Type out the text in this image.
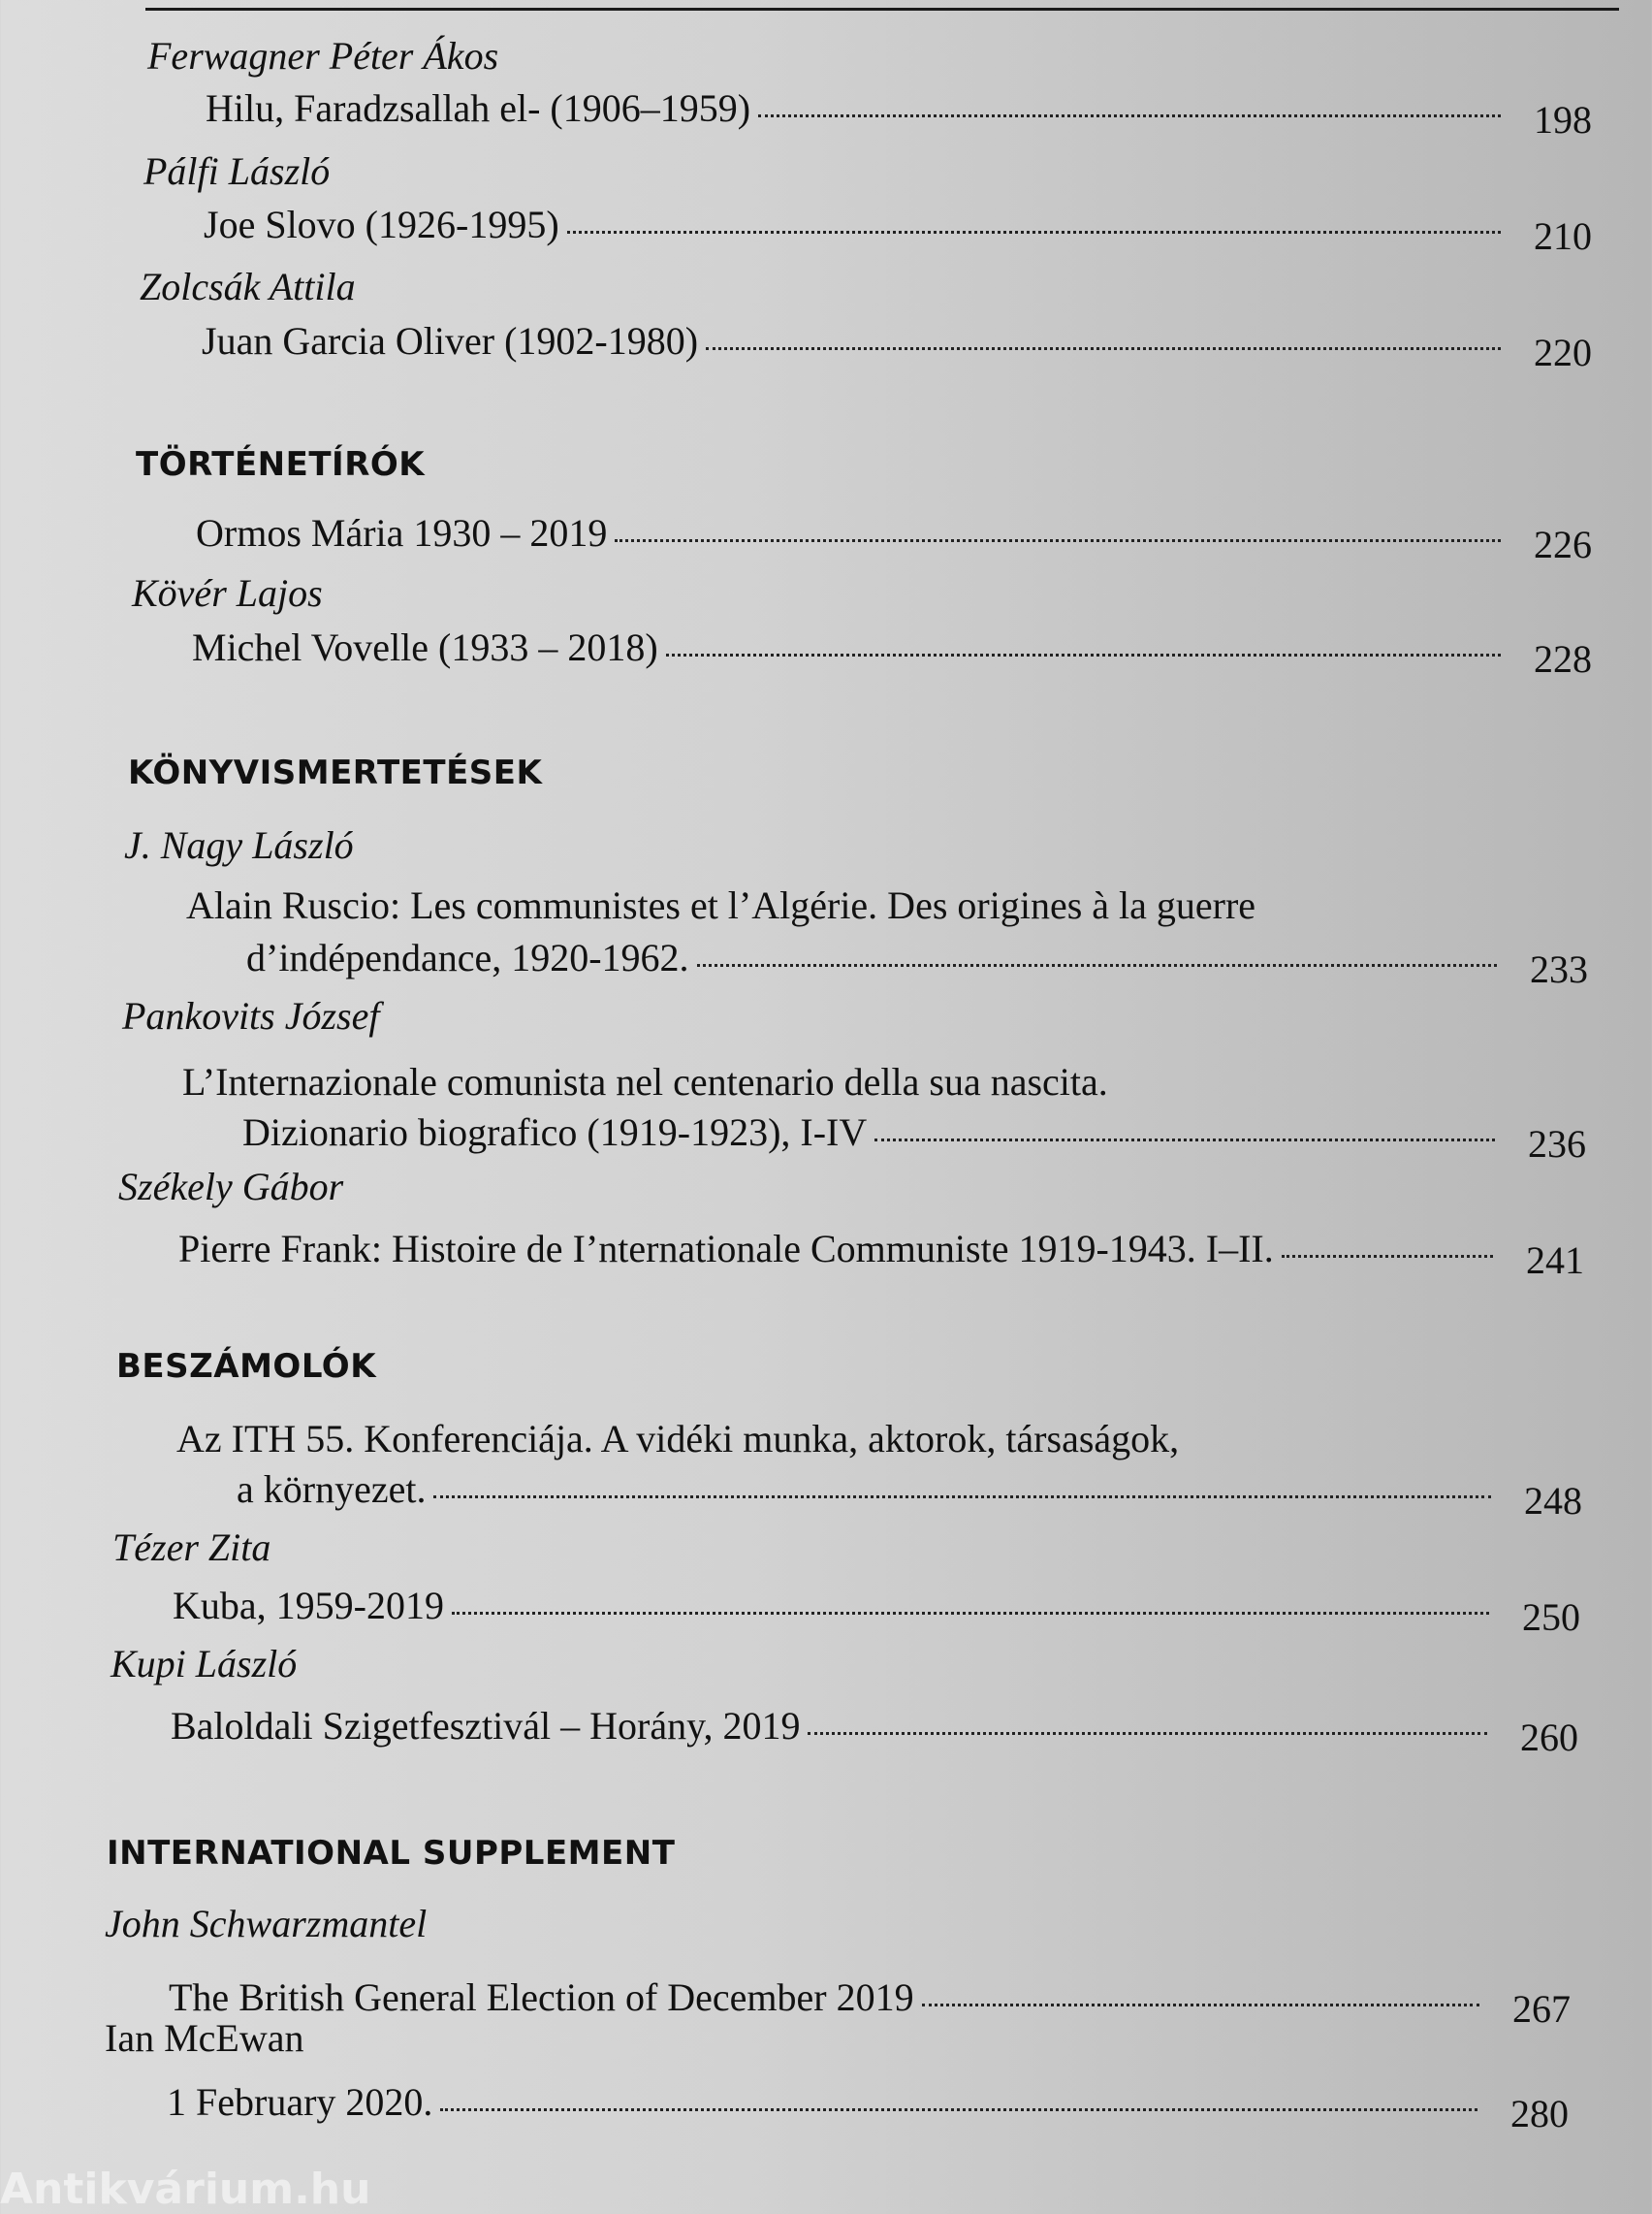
Ferwagner Péter Ákos
Hilu, Faradzsallah el- (1906–1959)	198
Pálfi László
Joe Slovo (1926-1995)	210
Zolcsák Attila
Juan Garcia Oliver (1902-1980)	220
TÖRTÉNETÍRÓK
Ormos Mária 1930 – 2019	226
Kövér Lajos
Michel Vovelle (1933 – 2018)	228
KÖNYVISMERTETÉSEK
J. Nagy László
Alain Ruscio: Les communistes et l’Algérie. Des origines à la guerre
d’indépendance, 1920-1962.	233
Pankovits József
L’Internazionale comunista nel centenario della sua nascita.
Dizionario biografico (1919-1923), I-IV	236
Székely Gábor
Pierre Frank: Histoire de I’nternationale Communiste 1919-1943. I–II.	241
BESZÁMOLÓK
Az ITH 55. Konferenciája. A vidéki munka, aktorok, társaságok,
a környezet.	248
Tézer Zita
Kuba, 1959-2019	250
Kupi László
Baloldali Szigetfesztivál – Horány, 2019	260
INTERNATIONAL SUPPLEMENT
John Schwarzmantel
The British General Election of December 2019	267
Ian McEwan
1 February 2020.	280
Antikvárium.hu
